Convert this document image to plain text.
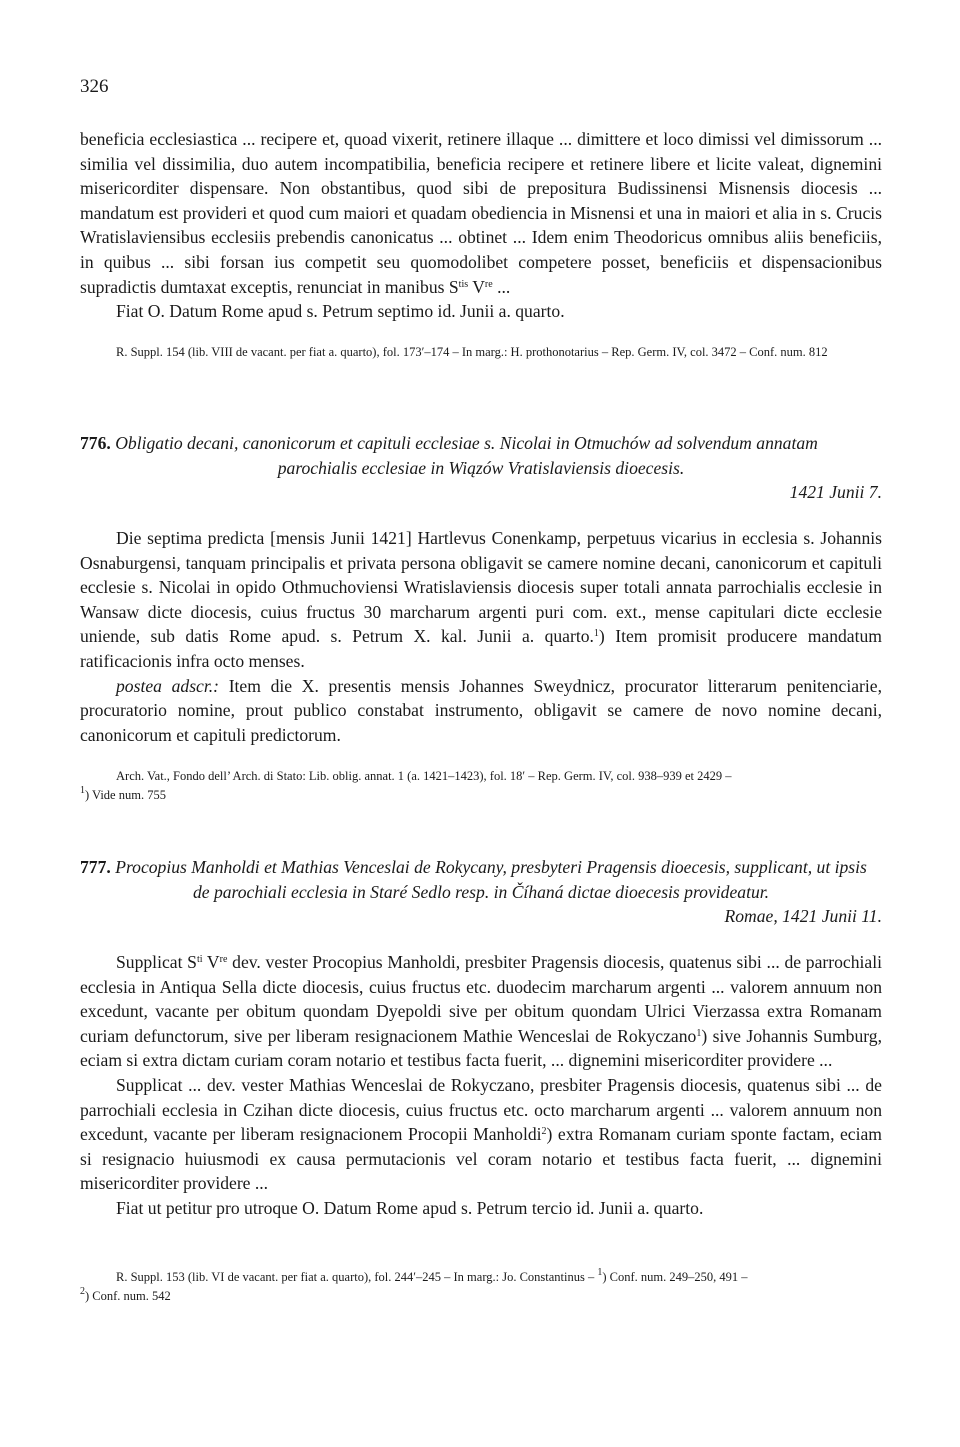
326

beneficia ecclesiastica ... recipere et, quoad vixerit, retinere illaque ... dimittere et loco dimissi vel dimissorum ... similia vel dissimilia, duo autem incompatibilia, beneficia recipere et retinere libere et licite valeat, dignemini misericorditer dispensare. Non obstantibus, quod sibi de prepositura Budissinensi Misnensis diocesis ... mandatum est provideri et quod cum maiori et quadam obediencia in Misnensi et una in maiori et alia in s. Crucis Wratislaviensibus ecclesiis prebendis canonicatus ... obtinet ... Idem enim Theodoricus omnibus aliis beneficiis, in quibus ... sibi forsan ius competit seu quomodolibet competere posset, beneficiis et dispensacionibus supradictis dumtaxat exceptis, renunciat in manibus $S^{tis}$ Vre ...

Fiat O. Datum Rome apud s. Petrum septimo id. Junii a. quarto.

R. Suppl. 154 (lib. VIII de vacant. per fiat a. quarto), fol. 173′–174 – In marg.: H. prothonotarius – Rep. Germ. IV, col. 3472 – Conf. num. 812

776. Obligatio decani, canonicorum et capituli ecclesiae s. Nicolai in Otmuchów ad solvendum annatam
parochialis ecclesiae in Wiązów Vratislaviensis dioecesis.
1421 Junii 7.

Die septima predicta [mensis Junii 1421] Hartlevus Conenkamp, perpetuus vicarius in ecclesia s. Johannis Osnaburgensi, tanquam principalis et privata persona obligavit se camere nomine decani, canonicorum et capituli ecclesie s. Nicolai in opido Othmuchoviensi Wratislaviensis diocesis super totali annata parrochialis ecclesie in Wansaw dicte diocesis, cuius fructus 30 marcharum argenti puri com. ext., mense capitulari dicte ecclesie uniende, sub datis Rome apud. s. Petrum X. kal. Junii a. quarto.$^1$) Item promisit producere mandatum ratificacionis infra octo menses.

postea adscr.: Item die X. presentis mensis Johannes Sweydnicz, procurator litterarum penitenciarie, procuratorio nomine, prout publico constabat instrumento, obligavit se camere de novo nomine decani, canonicorum et capituli predictorum.

Arch. Vat., Fondo dell’ Arch. di Stato: Lib. oblig. annat. 1 (a. 1421–1423), fol. 18′ – Rep. Germ. IV, col. 938–939 et 2429 –
$^1$) Vide num. 755

777. Procopius Manholdi et Mathias Venceslai de Rokycany, presbyteri Pragensis dioecesis, supplicant, ut ipsis
de parochiali ecclesia in Staré Sedlo resp. in Číhaná dictae dioecesis provideatur.
Romae, 1421 Junii 11.

Supplicat $S^{ti}$ Vre dev. vester Procopius Manholdi, presbiter Pragensis diocesis, quatenus sibi ... de parrochiali ecclesia in Antiqua Sella dicte diocesis, cuius fructus etc. duodecim marcharum argenti ... valorem annuum non excedunt, vacante per obitum quondam Dyepoldi sive per obitum quondam Ulrici Vierzassa extra Romanam curiam defunctorum, sive per liberam resignacionem Mathie Wenceslai de Rokyczano$^1$) sive Johannis Sumburg, eciam si extra dictam curiam coram notario et testibus facta fuerit, ... dignemini misericorditer providere ...

Supplicat ... dev. vester Mathias Wenceslai de Rokyczano, presbiter Pragensis diocesis, quatenus sibi ... de parrochiali ecclesia in Czihan dicte diocesis, cuius fructus etc. octo marcharum argenti ... valorem annuum non excedunt, vacante per liberam resignacionem Procopii Manholdi$^2$) extra Romanam curiam sponte factam, eciam si resignacio huiusmodi ex causa permutacionis vel coram notario et testibus facta fuerit, ... dignemini misericorditer providere ...

Fiat ut petitur pro utroque O. Datum Rome apud s. Petrum tercio id. Junii a. quarto.

R. Suppl. 153 (lib. VI de vacant. per fiat a. quarto), fol. 244′–245 – In marg.: Jo. Constantinus – $^1$) Conf. num. 249–250, 491 –
$^2$) Conf. num. 542
